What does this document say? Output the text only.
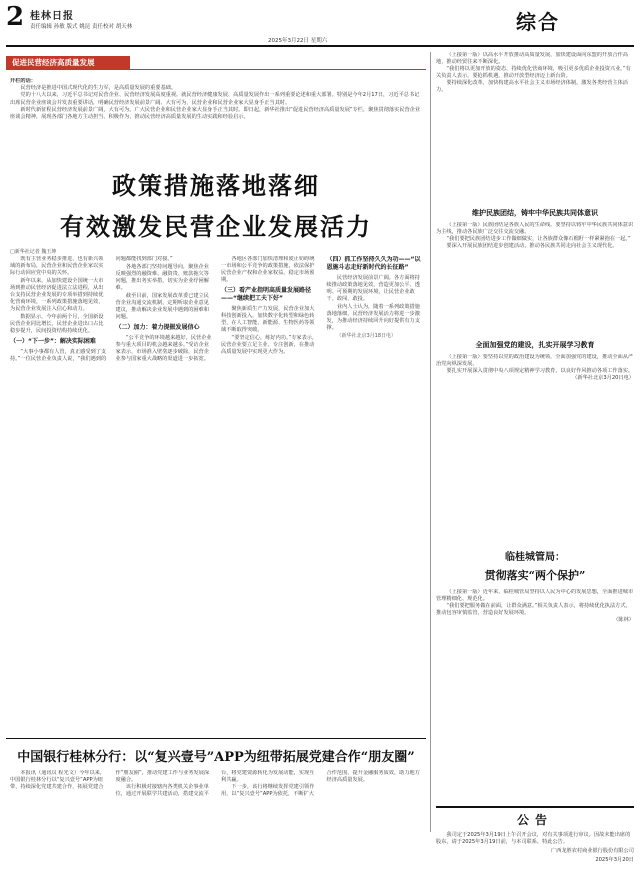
2 桂林日报
责任编辑 孙敏 版式 姚昆 责任校对 胡天林
2025年3月22日 星期六
综合
促进民营经济高质量发展

开栏的话：

民营经济是推进中国式现代化的生力军，是高质量发展的重要基础。

党的十八大以来，习近平总书记对民营企业、民营经济发展高度重视。就民营经济健康发展、高质量发展作出一系列重要论述和重大部署。特别是今年2月17日，习近平总书记出席民营企业座谈会并发表重要讲话，明确民营经济发展前景广阔、大有可为，民营企业和民营企业家大显身手正当其时。

新时代新征程民营经济发展前景广阔，大有可为。广大民营企业和民营企业家大显身手正当其时。即日起，新华社推出“促进民营经济高质量发展”专栏，聚焦贯彻落实民营企业座谈会精神，展现各部门各地方主动担当、积极作为，推动民营经济高质量发展的生动实践和经验启示。

政策措施落地落细
有效激发民营企业发展活力
□新华社记者 魏玉坤

既有主营业务稳步推进，也有新兴领域的新布局，民营企业和民营企业家以实际行动回应党中央的关怀。

新年以来，从加快建设全国统一大市场到推动民营经济促进法立法进程，从出台支持民营企业发展的专项举措到持续优化营商环境，一系列政策措施落地见效，为民营企业发展注入信心和动力。

数据显示，今年前两个月，全国新设民营企业同比增长，民营企业进出口占比稳步提升，民间投资结构持续优化。

（一）“下一步”：解决实际困难

“大事小事都有人管，真正感受到了支持。”一位民营企业负责人说，“我们遇到的问题都能找到部门对接。”

各地各部门坚持问题导向，聚焦企业反映强烈的融资难、融资贵、账款拖欠等问题，推出务实举措，切实为企业纾困解难。

截至目前，国家发展改革委已建立民营企业沟通交流机制，定期听取企业意见建议，推动解决企业发展中遇到的困难和问题。

（二）加力：着力提振发展信心

“公平竞争的环境越来越好，民营企业参与重大项目的机会越来越多。”受访企业家表示，市场准入壁垒逐步破除，民营企业参与国家重大战略的渠道进一步拓宽。

各地区各部门加快清理和废止妨碍统一市场和公平竞争的政策措施，依法保护民营企业产权和企业家权益，稳定市场预期。

（三）看产业指明高质量发展路径——“继续把工夫下好”

聚焦新质生产力发展，民营企业加大科技创新投入，加快数字化转型和绿色转型，在人工智能、新能源、生物医药等领域不断取得突破。

“要坚定信心，练好内功。”专家表示，民营企业要立足主业、专注创新，在推动高质量发展中实现更大作为。

（四）抓工作坚持久久为功——“以恩施斗志走好新时代的长征路”

民营经济发展前景广阔。各方面将持续推动政策落地见效，营造更加公平、透明、可预期的发展环境，让民营企业敢干、敢闯、敢投。

业内人士认为，随着一系列政策措施落地落细，民营经济发展活力将进一步激发，为推动经济持续回升向好提供有力支撑。

（新华社北京3月18日电）

（上接第一版）以高水平开放推动高质量发展，加快建设面向东盟的开放合作高地，推动经贸往来不断深化。

“我们将以更加开放的姿态，持续优化营商环境，吸引更多优质企业投资兴业。”有关负责人表示，要抢抓机遇，推动开放型经济迈上新台阶。

要持续深化改革，加快构建高水平社会主义市场经济体制，激发各类经营主体活力。

维护民族团结，铸牢中华民族共同体意识

（上接第一版）民族团结是各族人民的生命线。要坚持以铸牢中华民族共同体意识为主线，推动各民族广泛交往交流交融。

“我们要把民族团结进步工作做细做实，让各族群众像石榴籽一样紧紧抱在一起。”

要深入开展民族团结进步创建活动，推动各民族共同走向社会主义现代化。

全面加强党的建设，扎实开展学习教育

（上接第一版）要坚持以党的政治建设为统领，全面加强党的建设，推动全面从严治党向纵深发展。

要扎实开展深入贯彻中央八项规定精神学习教育，以良好作风推动各项工作落实。

（新华社北京3月20日电）

临桂城管局：
贯彻落实“两个保护”

（上接第一版）近年来，临桂城管局坚持以人民为中心的发展思想，全面推进城市管理精细化、规范化。

“我们要把服务做在前面，让群众满意。”相关负责人表示，将持续优化执法方式，推动包容审慎监管，营造良好发展环境。

（陈林）

中国银行桂林分行：以“复兴壹号”APP为纽带拓展党建合作“朋友圈”

本报讯（通讯员 程光文）今年以来，中国银行桂林分行以“复兴壹号”APP为纽带，持续深化党建共建合作，拓展党建合作“朋友圈”，推动党建工作与业务发展深度融合。

该行积极对接辖内各类机关企事业单位，通过开展联学共建活动，搭建交流平台，将党建资源转化为发展动能，实现互利共赢。

下一步，该行将继续发挥党建引领作用，以“复兴壹号”APP为依托，不断扩大合作范围，提升金融服务质效，助力地方经济高质量发展。

公告

我司定于2025年3月19日上午召开会议，对有关事项进行审议。因故未能出席的股东，请于2025年3月19日前，与本司联系。特此公告。

广西龙胜农村商业银行股份有限公司
2025年3月20日
